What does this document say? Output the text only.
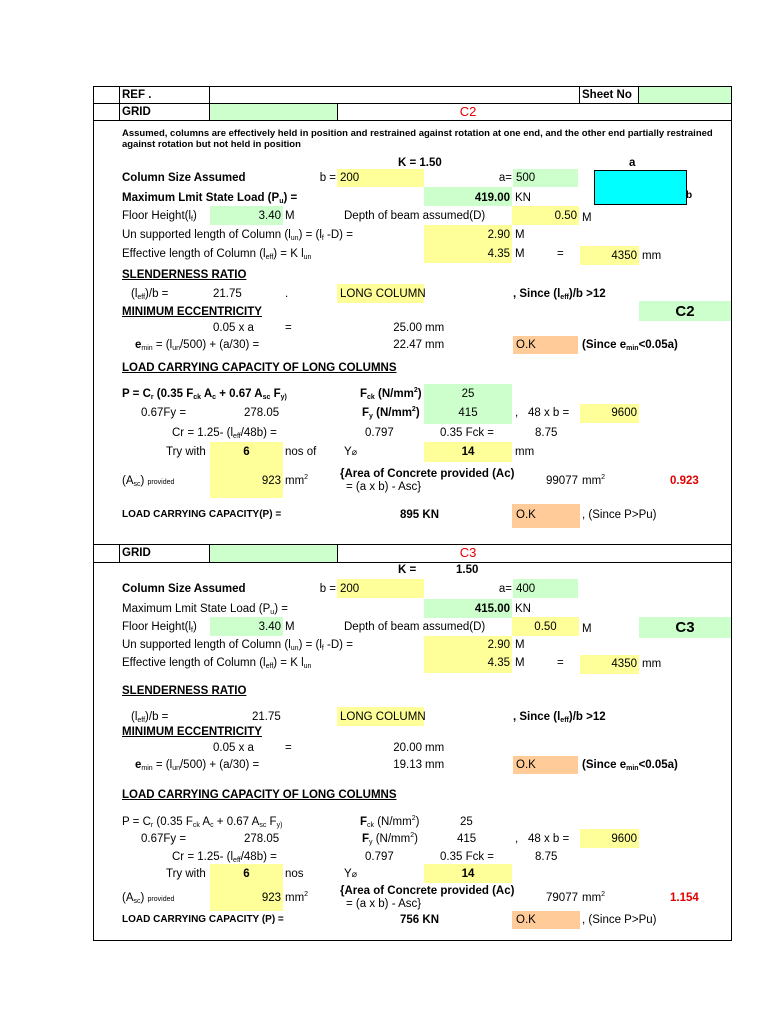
REF .	Sheet No
GRID	C2
Assumed, columns are effectively held in position and restrained against rotation at one end, and the other end partially restrained against rotation but not held in position
K = 1.50	a
b
Column Size Assumed	b = 200	a= 500
Maximum Lmit State Load $(P_u)$ =	419.00 KN
Floor $Height(l_f)$	3.40 M	Depth of beam assumed(D)	0.50 M
Un supported length of Column $(l_{un}) = (l_f$ -D) =	2.90 M
Effective length of Column $(l_{eff}) = K$ $l_{un}$	4.35 M	=	4350 mm
SLENDERNESS RATIO
$(l_{eff})/b$ =	21.75	.	LONG COLUMN	, Since $(l_{eff})/b >12$
MINIMUM ECCENTRICITY	C2
0.05 x a	=	25.00 mm
$e_{min} = (l_{un}/500) + (a/30)$ =	22.47 mm	O.K	(Since $e_{min}<0.05a$)
LOAD CARRYING CAPACITY OF LONG COLUMNS
$P = C_r$ (0.35 $F_{ck}$ $A_c + 0.67$ $A_{sc}$ $F_{y)}$	$F_{ck}$ $(N/mm^2)$	25
0.67Fy =	278.05	$F_y$ $(N/mm^2)$	415	, 48 x b =	9600
Cr = 1.25- $(l_{eff}/48b)$ =	0.797	0.35 Fck =	8.75
Try with	6	nos of Y⌀	14	mm
$(A_{sc})$ provided	923 $mm^2$	{Area of Concrete provided (Ac)
= (a x b) - Asc}	99077 $mm^2$	0.923
LOAD CARRYING CAPACITY(P) =	895 KN	O.K	, (Since P>Pu)
GRID	C3
K =	1.50
Column Size Assumed	b = 200	a= 400
Maximum Lmit State Load $(P_u)$ =	415.00 KN
Floor $Height(l_f)$	3.40 M	Depth of beam assumed(D)	0.50	M	C3
Un supported length of Column $(l_{un}) = (l_f$ -D) =	2.90 M
Effective length of Column $(l_{eff}) = K$ $l_{un}$	4.35 M	=	4350 mm
SLENDERNESS RATIO
$(l_{eff})/b$ =	21.75	LONG COLUMN	, Since $(l_{eff})/b >12$
MINIMUM ECCENTRICITY
0.05 x a	=	20.00 mm
$e_{min} = (l_{un}/500) + (a/30)$ =	19.13 mm	O.K	(Since $e_{min}<0.05a$)
LOAD CARRYING CAPACITY OF LONG COLUMNS
$P = C_r$ (0.35 $F_{ck}$ $A_c + 0.67$ $A_{sc}$ $F_{y)}$	$F_{ck}$ $(N/mm^2)$	25
0.67Fy =	278.05	$F_y$ $(N/mm^2)$	415	, 48 x b =	9600
Cr = 1.25- $(l_{eff}/48b)$ =	0.797	0.35 Fck =	8.75
Try with	6	nos	Y⌀	14
$(A_{sc})$ provided	923 $mm^2$	{Area of Concrete provided (Ac)
= (a x b) - Asc}	79077 $mm^2$	1.154
LOAD CARRYING CAPACITY (P) =	756 KN	O.K	, (Since P>Pu)
